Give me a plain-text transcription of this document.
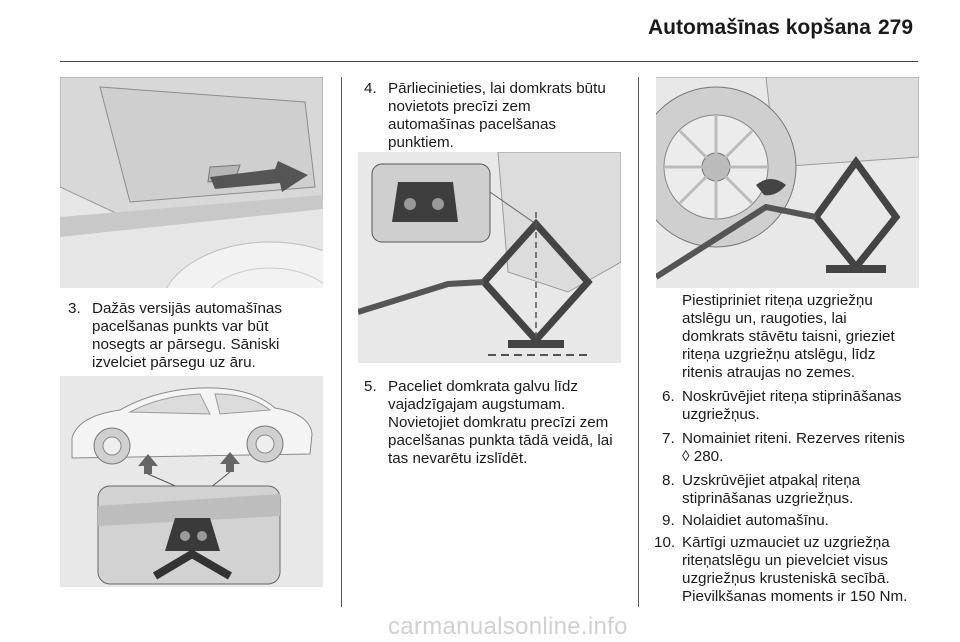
Automašīnas kopšana 279
3. Dažās versijās automašīnas
pacelšanas punkts var būt
nosegts ar pārsegu. Sāniski
izvelciet pārsegu uz āru.
4. Pārliecinieties, lai domkrats būtu
novietots precīzi zem
automašīnas pacelšanas
punktiem.
5. Paceliet domkrata galvu līdz
vajadzīgajam augstumam.
Novietojiet domkratu precīzi zem
pacelšanas punkta tādā veidā, lai
tas nevarētu izslīdēt.
Piestipriniet riteņa uzgriežņu
atslēgu un, raugoties, lai
domkrats stāvētu taisni, grieziet
riteņa uzgriežņu atslēgu, līdz
ritenis atraujas no zemes.
6. Noskrūvējiet riteņa stiprināšanas
uzgriežņus.
7. Nomainiet riteni. Rezerves ritenis
◊ 280.
8. Uzskrūvējiet atpakaļ riteņa
stiprināšanas uzgriežņus.
9. Nolaidiet automašīnu.
10. Kārtīgi uzmauciet uz uzgriežņa
riteņatslēgu un pievelciet visus
uzgriežņus krusteniskā secībā.
Pievilkšanas moments ir 150 Nm.
carmanualsonline.info
